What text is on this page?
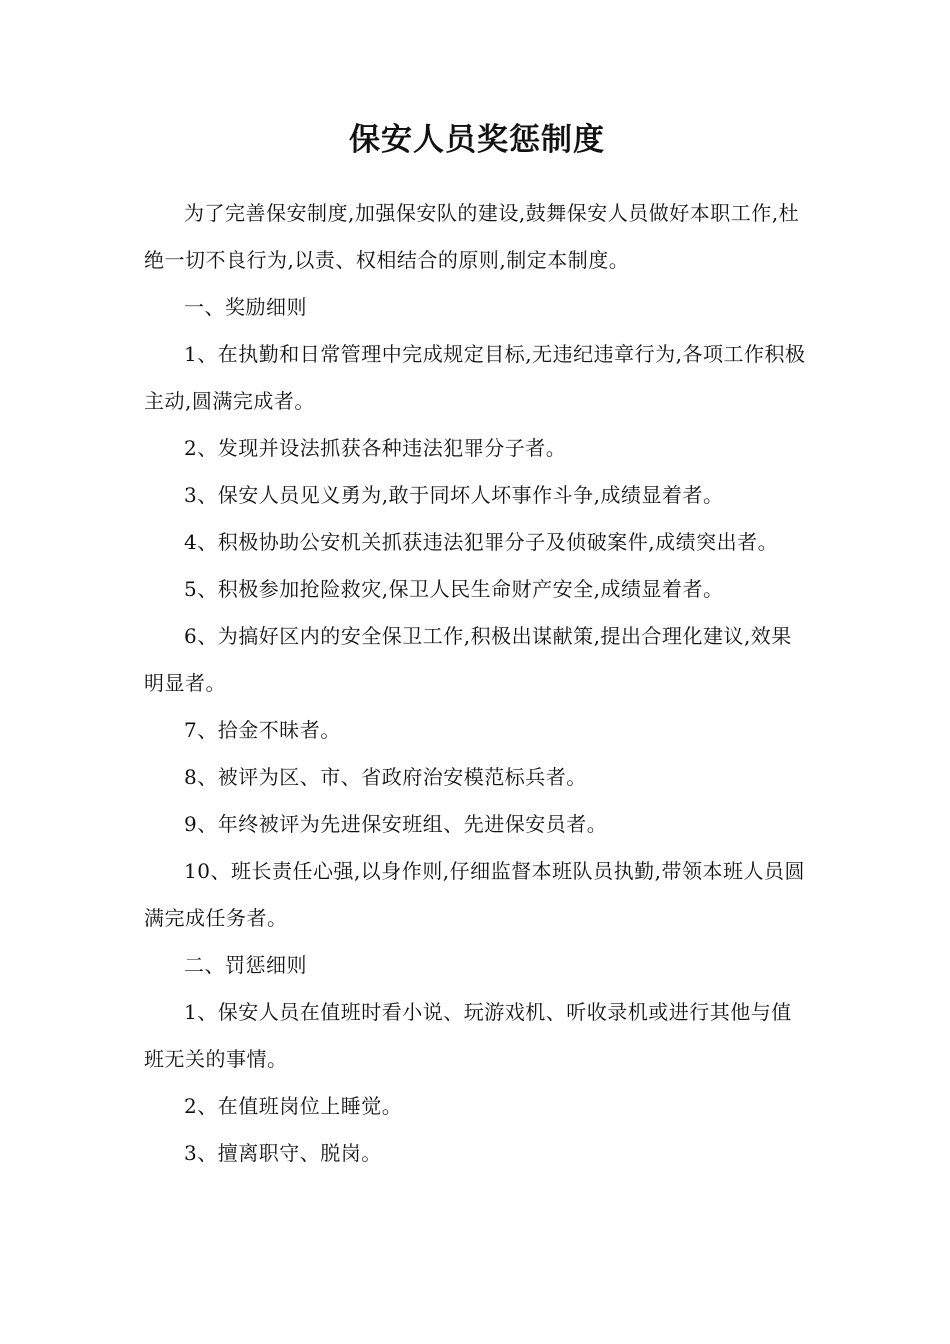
保安人员奖惩制度

为了完善保安制度,加强保安队的建设,鼓舞保安人员做好本职工作,杜绝一切不良行为,以责、权相结合的原则,制定本制度。

一、奖励细则

1、在执勤和日常管理中完成规定目标,无违纪违章行为,各项工作积极主动,圆满完成者。

2、发现并设法抓获各种违法犯罪分子者。

3、保安人员见义勇为,敢于同坏人坏事作斗争,成绩显着者。

4、积极协助公安机关抓获违法犯罪分子及侦破案件,成绩突出者。

5、积极参加抢险救灾,保卫人民生命财产安全,成绩显着者。

6、为搞好区内的安全保卫工作,积极出谋献策,提出合理化建议,效果明显者。

7、拾金不昧者。

8、被评为区、市、省政府治安模范标兵者。

9、年终被评为先进保安班组、先进保安员者。

10、班长责任心强,以身作则,仔细监督本班队员执勤,带领本班人员圆满完成任务者。

二、罚惩细则

1、保安人员在值班时看小说、玩游戏机、听收录机或进行其他与值班无关的事情。

2、在值班岗位上睡觉。

3、擅离职守、脱岗。
